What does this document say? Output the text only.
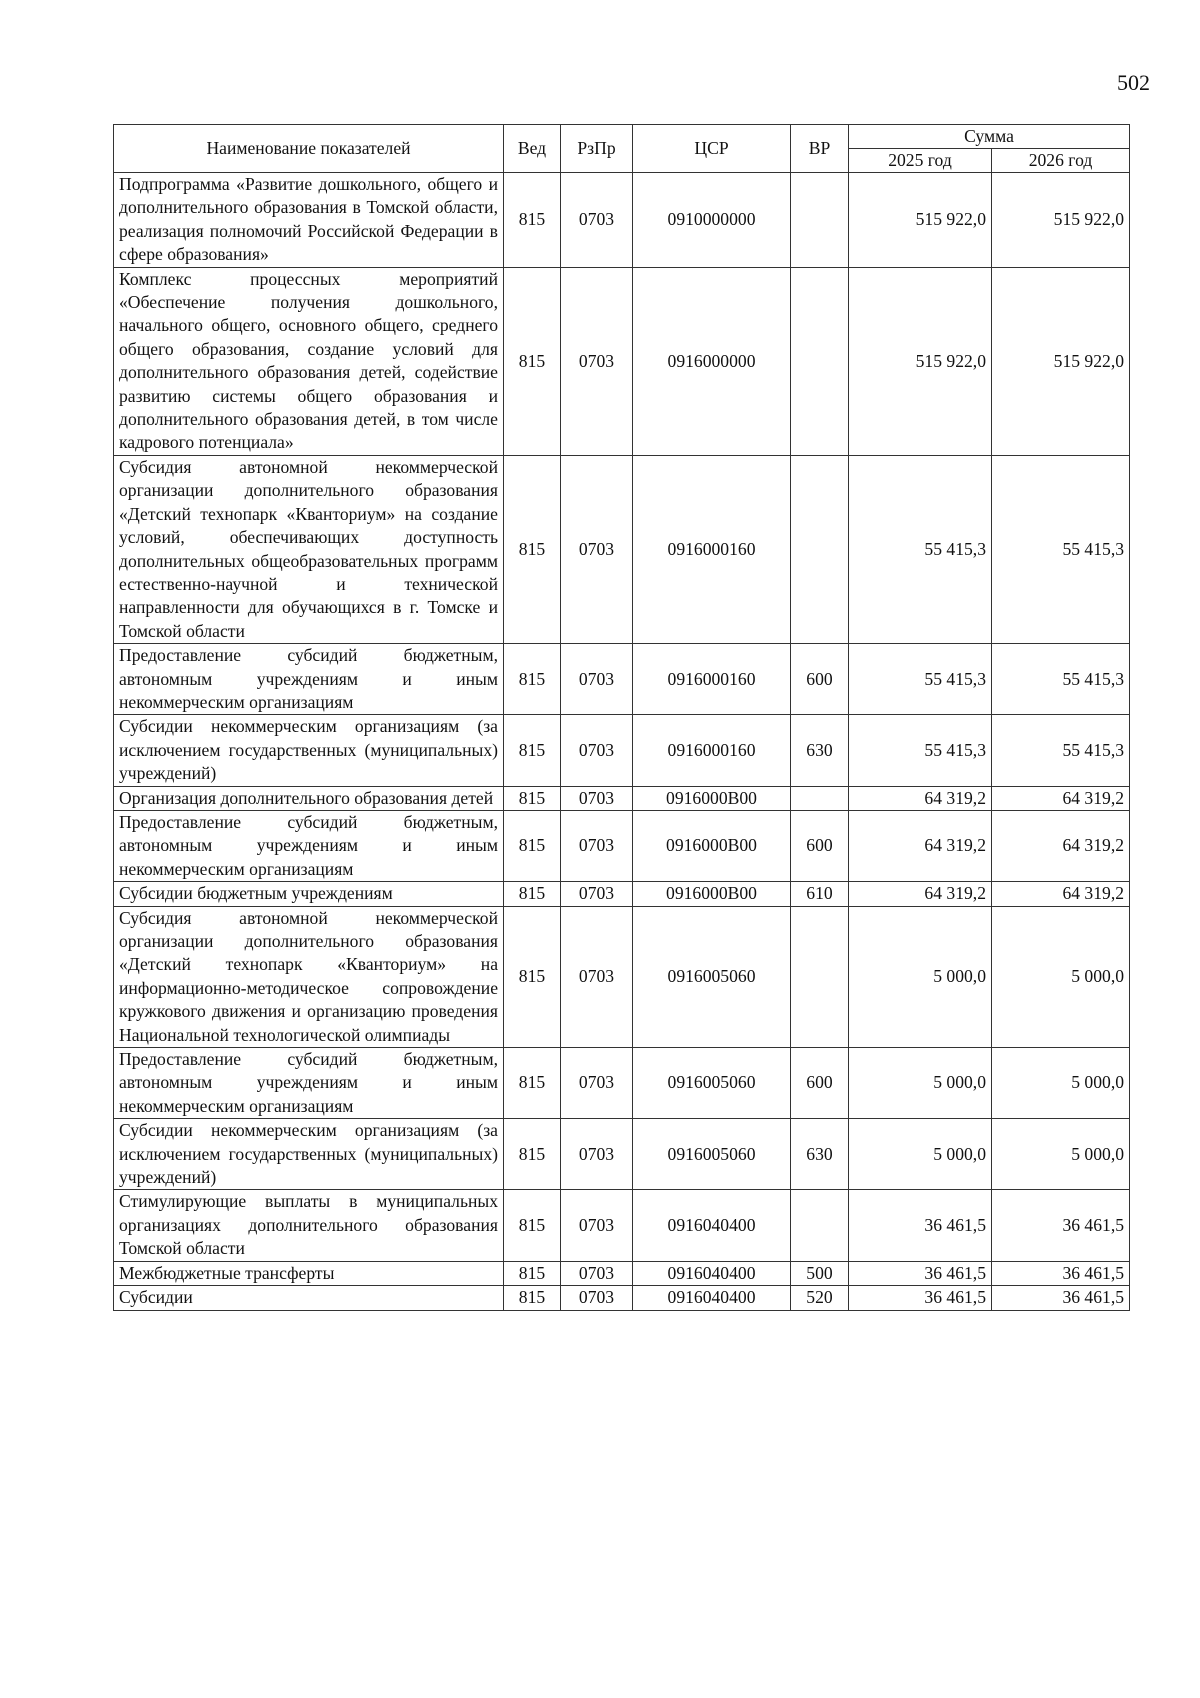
502
Наименование показателей	Вед	РзПр	ЦСР	ВР	Сумма	
					2025 год	2026 год
Подпрограмма «Развитие дошкольного, общего и дополнительного образования в Томской области, реализация полномочий Российской Федерации в сфере образования»	815	0703	0910000000		515 922,0	515 922,0
Комплекс процессных мероприятий «Обеспечение получения дошкольного, начального общего, основного общего, среднего общего образования, создание условий для дополнительного образования детей, содействие развитию системы общего образования и дополнительного образования детей, в том числе кадрового потенциала»	815	0703	0916000000		515 922,0	515 922,0
Субсидия автономной некоммерческой организации дополнительного образования «Детский технопарк «Кванториум» на создание условий, обеспечивающих доступность дополнительных общеобразовательных программ естественно-научной и технической направленности для обучающихся в г. Томске и Томской области	815	0703	0916000160		55 415,3	55 415,3
Предоставление субсидий бюджетным, автономным учреждениям и иным некоммерческим организациям	815	0703	0916000160	600	55 415,3	55 415,3
Субсидии некоммерческим организациям (за исключением государственных (муниципальных) учреждений)	815	0703	0916000160	630	55 415,3	55 415,3
Организация дополнительного образования детей	815	0703	0916000В00		64 319,2	64 319,2
Предоставление субсидий бюджетным, автономным учреждениям и иным некоммерческим организациям	815	0703	0916000В00	600	64 319,2	64 319,2
Субсидии бюджетным учреждениям	815	0703	0916000В00	610	64 319,2	64 319,2
Субсидия автономной некоммерческой организации дополнительного образования «Детский технопарк «Кванториум» на информационно-методическое сопровождение кружкового движения и организацию проведения Национальной технологической олимпиады	815	0703	0916005060		5 000,0	5 000,0
Предоставление субсидий бюджетным, автономным учреждениям и иным некоммерческим организациям	815	0703	0916005060	600	5 000,0	5 000,0
Субсидии некоммерческим организациям (за исключением государственных (муниципальных) учреждений)	815	0703	0916005060	630	5 000,0	5 000,0
Стимулирующие выплаты в муниципальных организациях дополнительного образования Томской области	815	0703	0916040400		36 461,5	36 461,5
Межбюджетные трансферты	815	0703	0916040400	500	36 461,5	36 461,5
Субсидии	815	0703	0916040400	520	36 461,5	36 461,5
